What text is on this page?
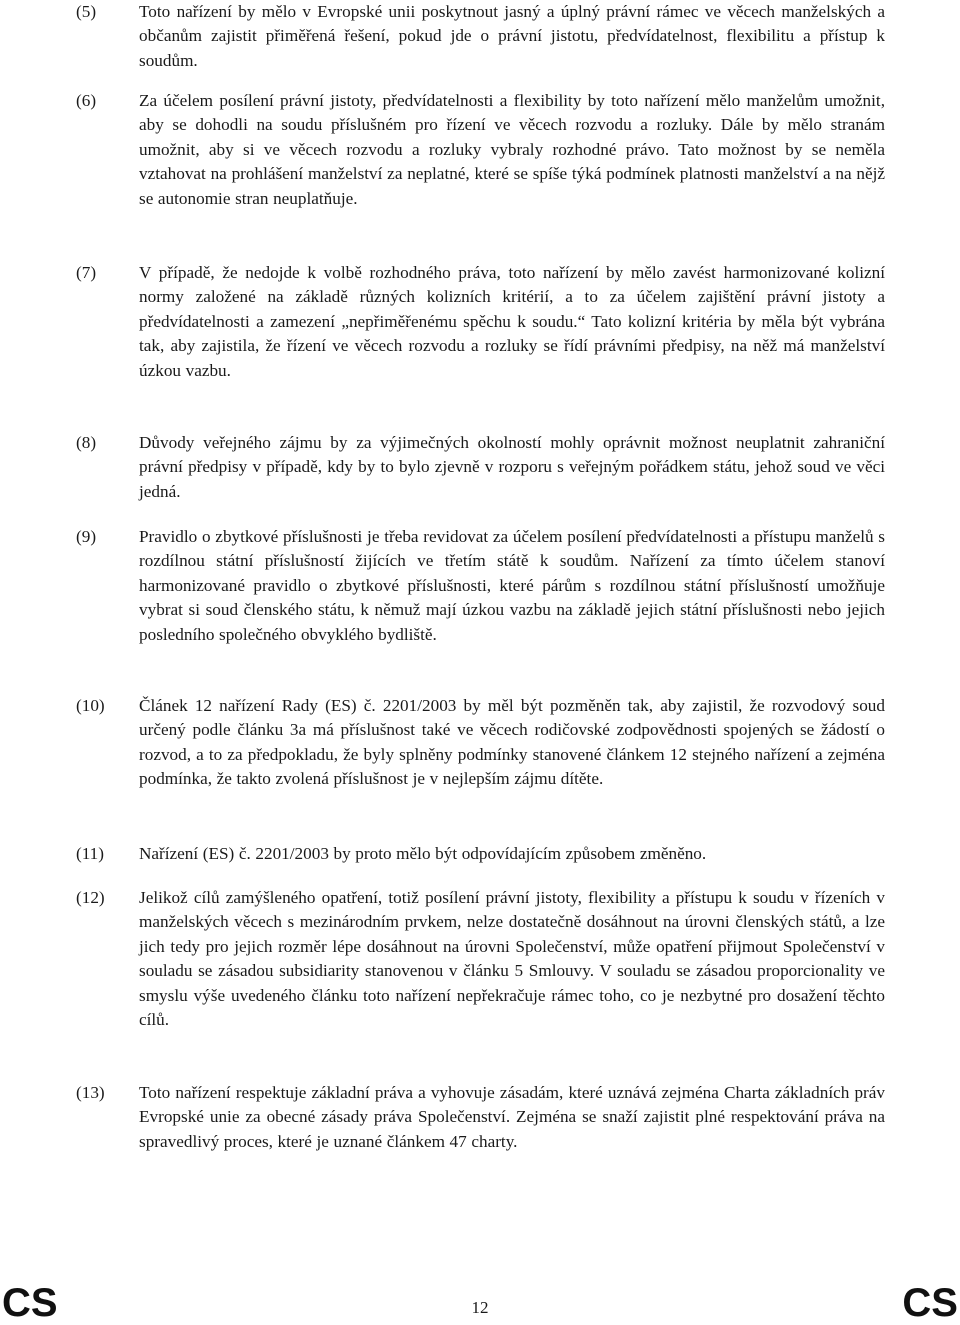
(5) Toto nařízení by mělo v Evropské unii poskytnout jasný a úplný právní rámec ve věcech manželských a občanům zajistit přiměřená řešení, pokud jde o právní jistotu, předvídatelnost, flexibilitu a přístup k soudům.

(6) Za účelem posílení právní jistoty, předvídatelnosti a flexibility by toto nařízení mělo manželům umožnit, aby se dohodli na soudu příslušném pro řízení ve věcech rozvodu a rozluky. Dále by mělo stranám umožnit, aby si ve věcech rozvodu a rozluky vybraly rozhodné právo. Tato možnost by se neměla vztahovat na prohlášení manželství za neplatné, které se spíše týká podmínek platnosti manželství a na nějž se autonomie stran neuplatňuje.

(7) V případě, že nedojde k volbě rozhodného práva, toto nařízení by mělo zavést harmonizované kolizní normy založené na základě různých kolizních kritérií, a to za účelem zajištění právní jistoty a předvídatelnosti a zamezení „nepřiměřenému spěchu k soudu.“ Tato kolizní kritéria by měla být vybrána tak, aby zajistila, že řízení ve věcech rozvodu a rozluky se řídí právními předpisy, na něž má manželství úzkou vazbu.

(8) Důvody veřejného zájmu by za výjimečných okolností mohly oprávnit možnost neuplatnit zahraniční právní předpisy v případě, kdy by to bylo zjevně v rozporu s veřejným pořádkem státu, jehož soud ve věci jedná.

(9) Pravidlo o zbytkové příslušnosti je třeba revidovat za účelem posílení předvídatelnosti a přístupu manželů s rozdílnou státní příslušností žijících ve třetím státě k soudům. Nařízení za tímto účelem stanoví harmonizované pravidlo o zbytkové příslušnosti, které párům s rozdílnou státní příslušností umožňuje vybrat si soud členského státu, k němuž mají úzkou vazbu na základě jejich státní příslušnosti nebo jejich posledního společného obvyklého bydliště.

(10) Článek 12 nařízení Rady (ES) č. 2201/2003 by měl být pozměněn tak, aby zajistil, že rozvodový soud určený podle článku 3a má příslušnost také ve věcech rodičovské zodpovědnosti spojených se žádostí o rozvod, a to za předpokladu, že byly splněny podmínky stanovené článkem 12 stejného nařízení a zejména podmínka, že takto zvolená příslušnost je v nejlepším zájmu dítěte.

(11) Nařízení (ES) č. 2201/2003 by proto mělo být odpovídajícím způsobem změněno.

(12) Jelikož cílů zamýšleného opatření, totiž posílení právní jistoty, flexibility a přístupu k soudu v řízeních v manželských věcech s mezinárodním prvkem, nelze dostatečně dosáhnout na úrovni členských států, a lze jich tedy pro jejich rozměr lépe dosáhnout na úrovni Společenství, může opatření přijmout Společenství v souladu se zásadou subsidiarity stanovenou v článku 5 Smlouvy. V souladu se zásadou proporcionality ve smyslu výše uvedeného článku toto nařízení nepřekračuje rámec toho, co je nezbytné pro dosažení těchto cílů.

(13) Toto nařízení respektuje základní práva a vyhovuje zásadám, které uznává zejména Charta základních práv Evropské unie za obecné zásady práva Společenství. Zejména se snaží zajistit plné respektování práva na spravedlivý proces, které je uznané článkem 47 charty.

CS	12	CS
